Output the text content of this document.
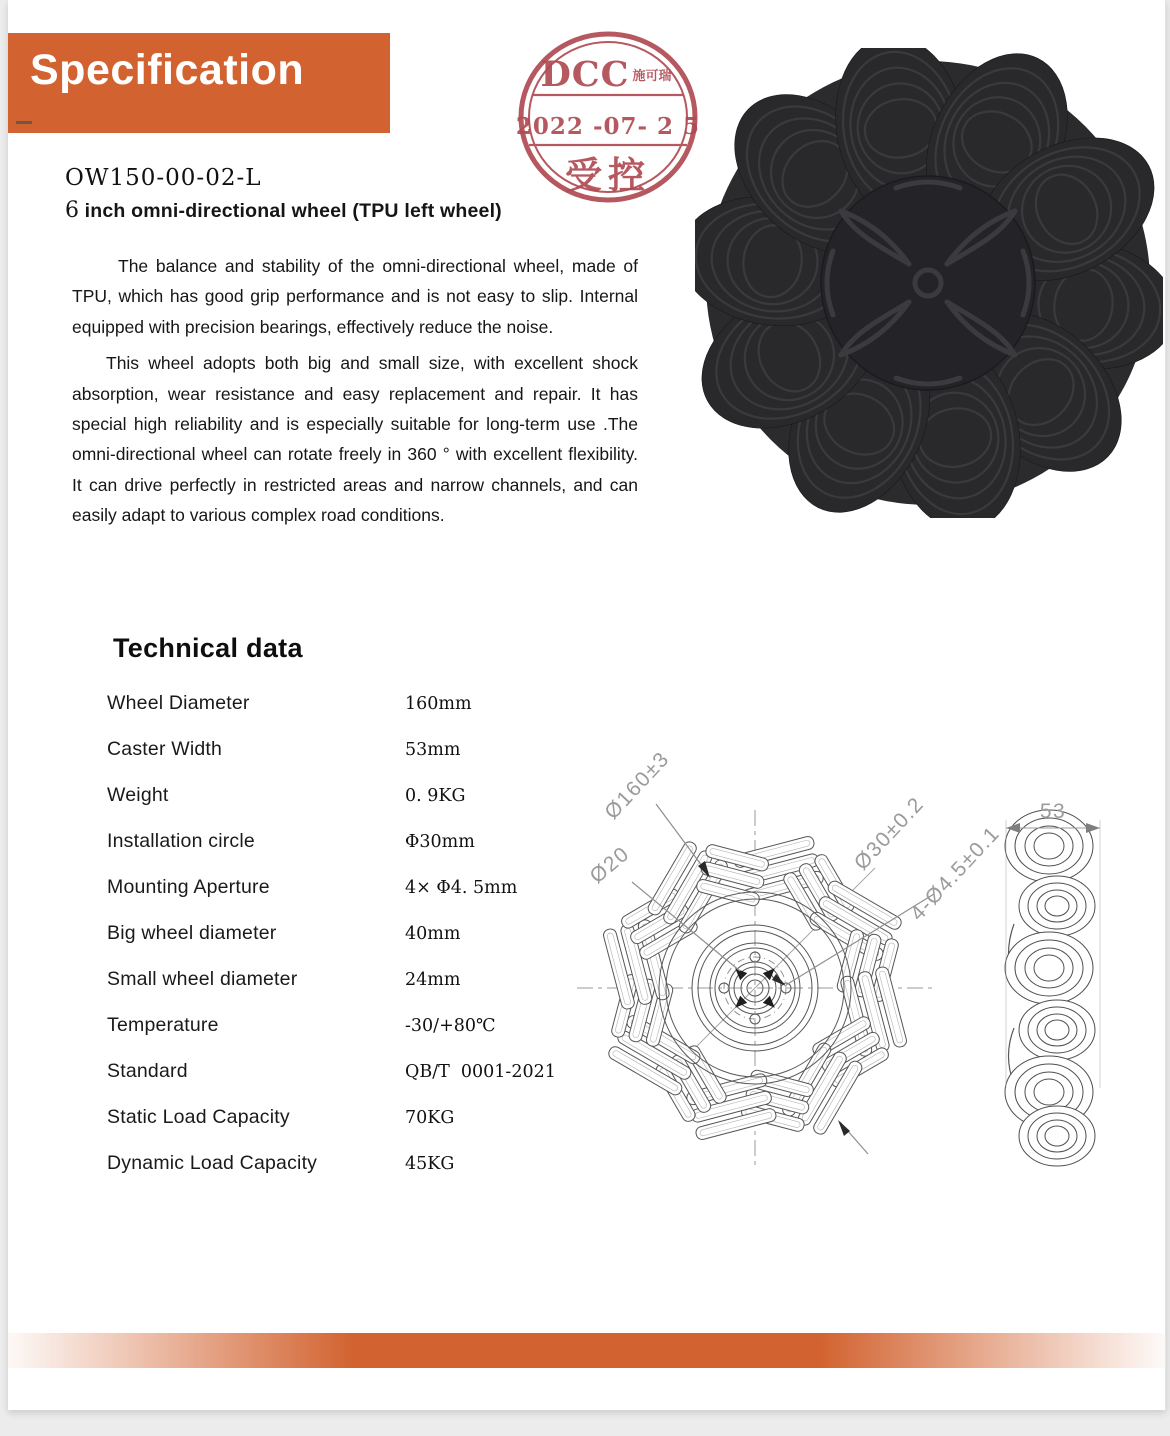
Specification	DCC 施可瑞
2022 -07- 2 5
受控
OW150-00-02-L
6 inch omni-directional wheel (TPU left wheel)

The balance and stability of the omni-directional wheel, made of TPU, which has good grip performance and is not easy to slip. Internal equipped with precision bearings, effectively reduce the noise.

This wheel adopts both big and small size, with excellent shock absorption, wear resistance and easy replacement and repair. It has special high reliability and is especially suitable for long-term use .The omni-directional wheel can rotate freely in 360 ° with excellent flexibility. It can drive perfectly in restricted areas and narrow channels, and can easily adapt to various complex road conditions.

Technical data
Wheel Diameter	160mm
Caster Width	53mm
Weight	0. 9KG
Installation circle	Φ30mm
Mounting Aperture	4× Φ4. 5mm
Big wheel diameter	40mm
Small wheel diameter	24mm
Temperature	-30/+80℃
Standard	QB/T  0001-2021
Static Load Capacity	70KG
Dynamic Load Capacity	45KG
Ø160±3
Ø20	Ø30±0.2
4-Ø4.5±0.1
53
